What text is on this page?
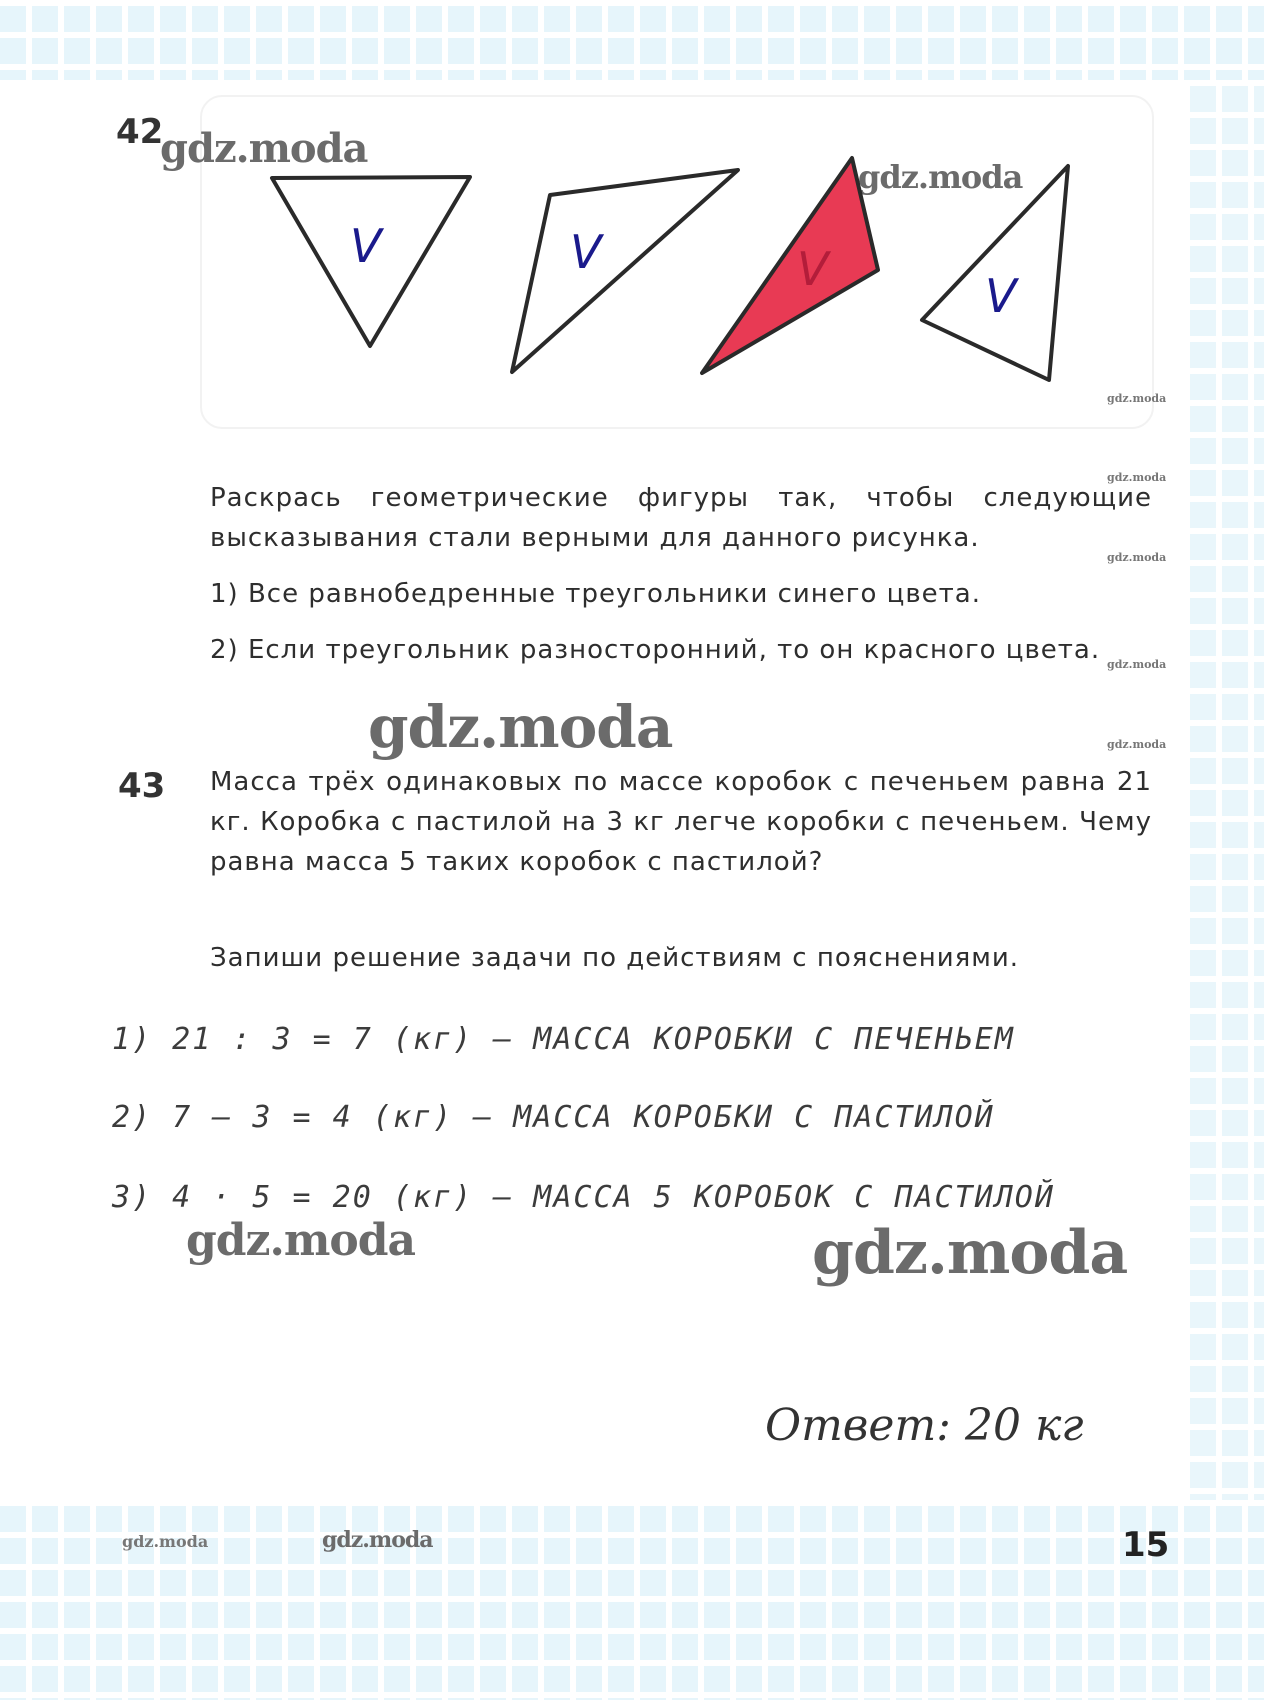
42
gdz.moda
gdz.moda
V	V	V	V
gdz.moda
gdz.moda
gdz.moda
gdz.moda
gdz.moda
Раскрась геометрические фигуры так, чтобы следующие высказывания стали верными для данного рисунка.
1) Все равнобедренные треугольники синего цвета.
2) Если треугольник разносторонний, то он красного цвета.
gdz.moda
43 Масса трёх одинаковых по массе коробок с печеньем равна 21 кг. Коробка с пастилой на 3 кг легче коробки с печеньем. Чему равна масса 5 таких коробок с пастилой?
Запиши решение задачи по действиям с пояснениями.
1) 21 : 3 = 7 (кг) – МАССА КОРОБКИ С ПЕЧЕНЬЕМ
2) 7 – 3 = 4 (кг) – МАССА КОРОБКИ С ПАСТИЛОЙ
3) 4 · 5 = 20 (кг) – МАССА 5 КОРОБОК С ПАСТИЛОЙ
gdz.moda	gdz.moda
Ответ: 20 кг
gdz.moda	gdz.moda	15
